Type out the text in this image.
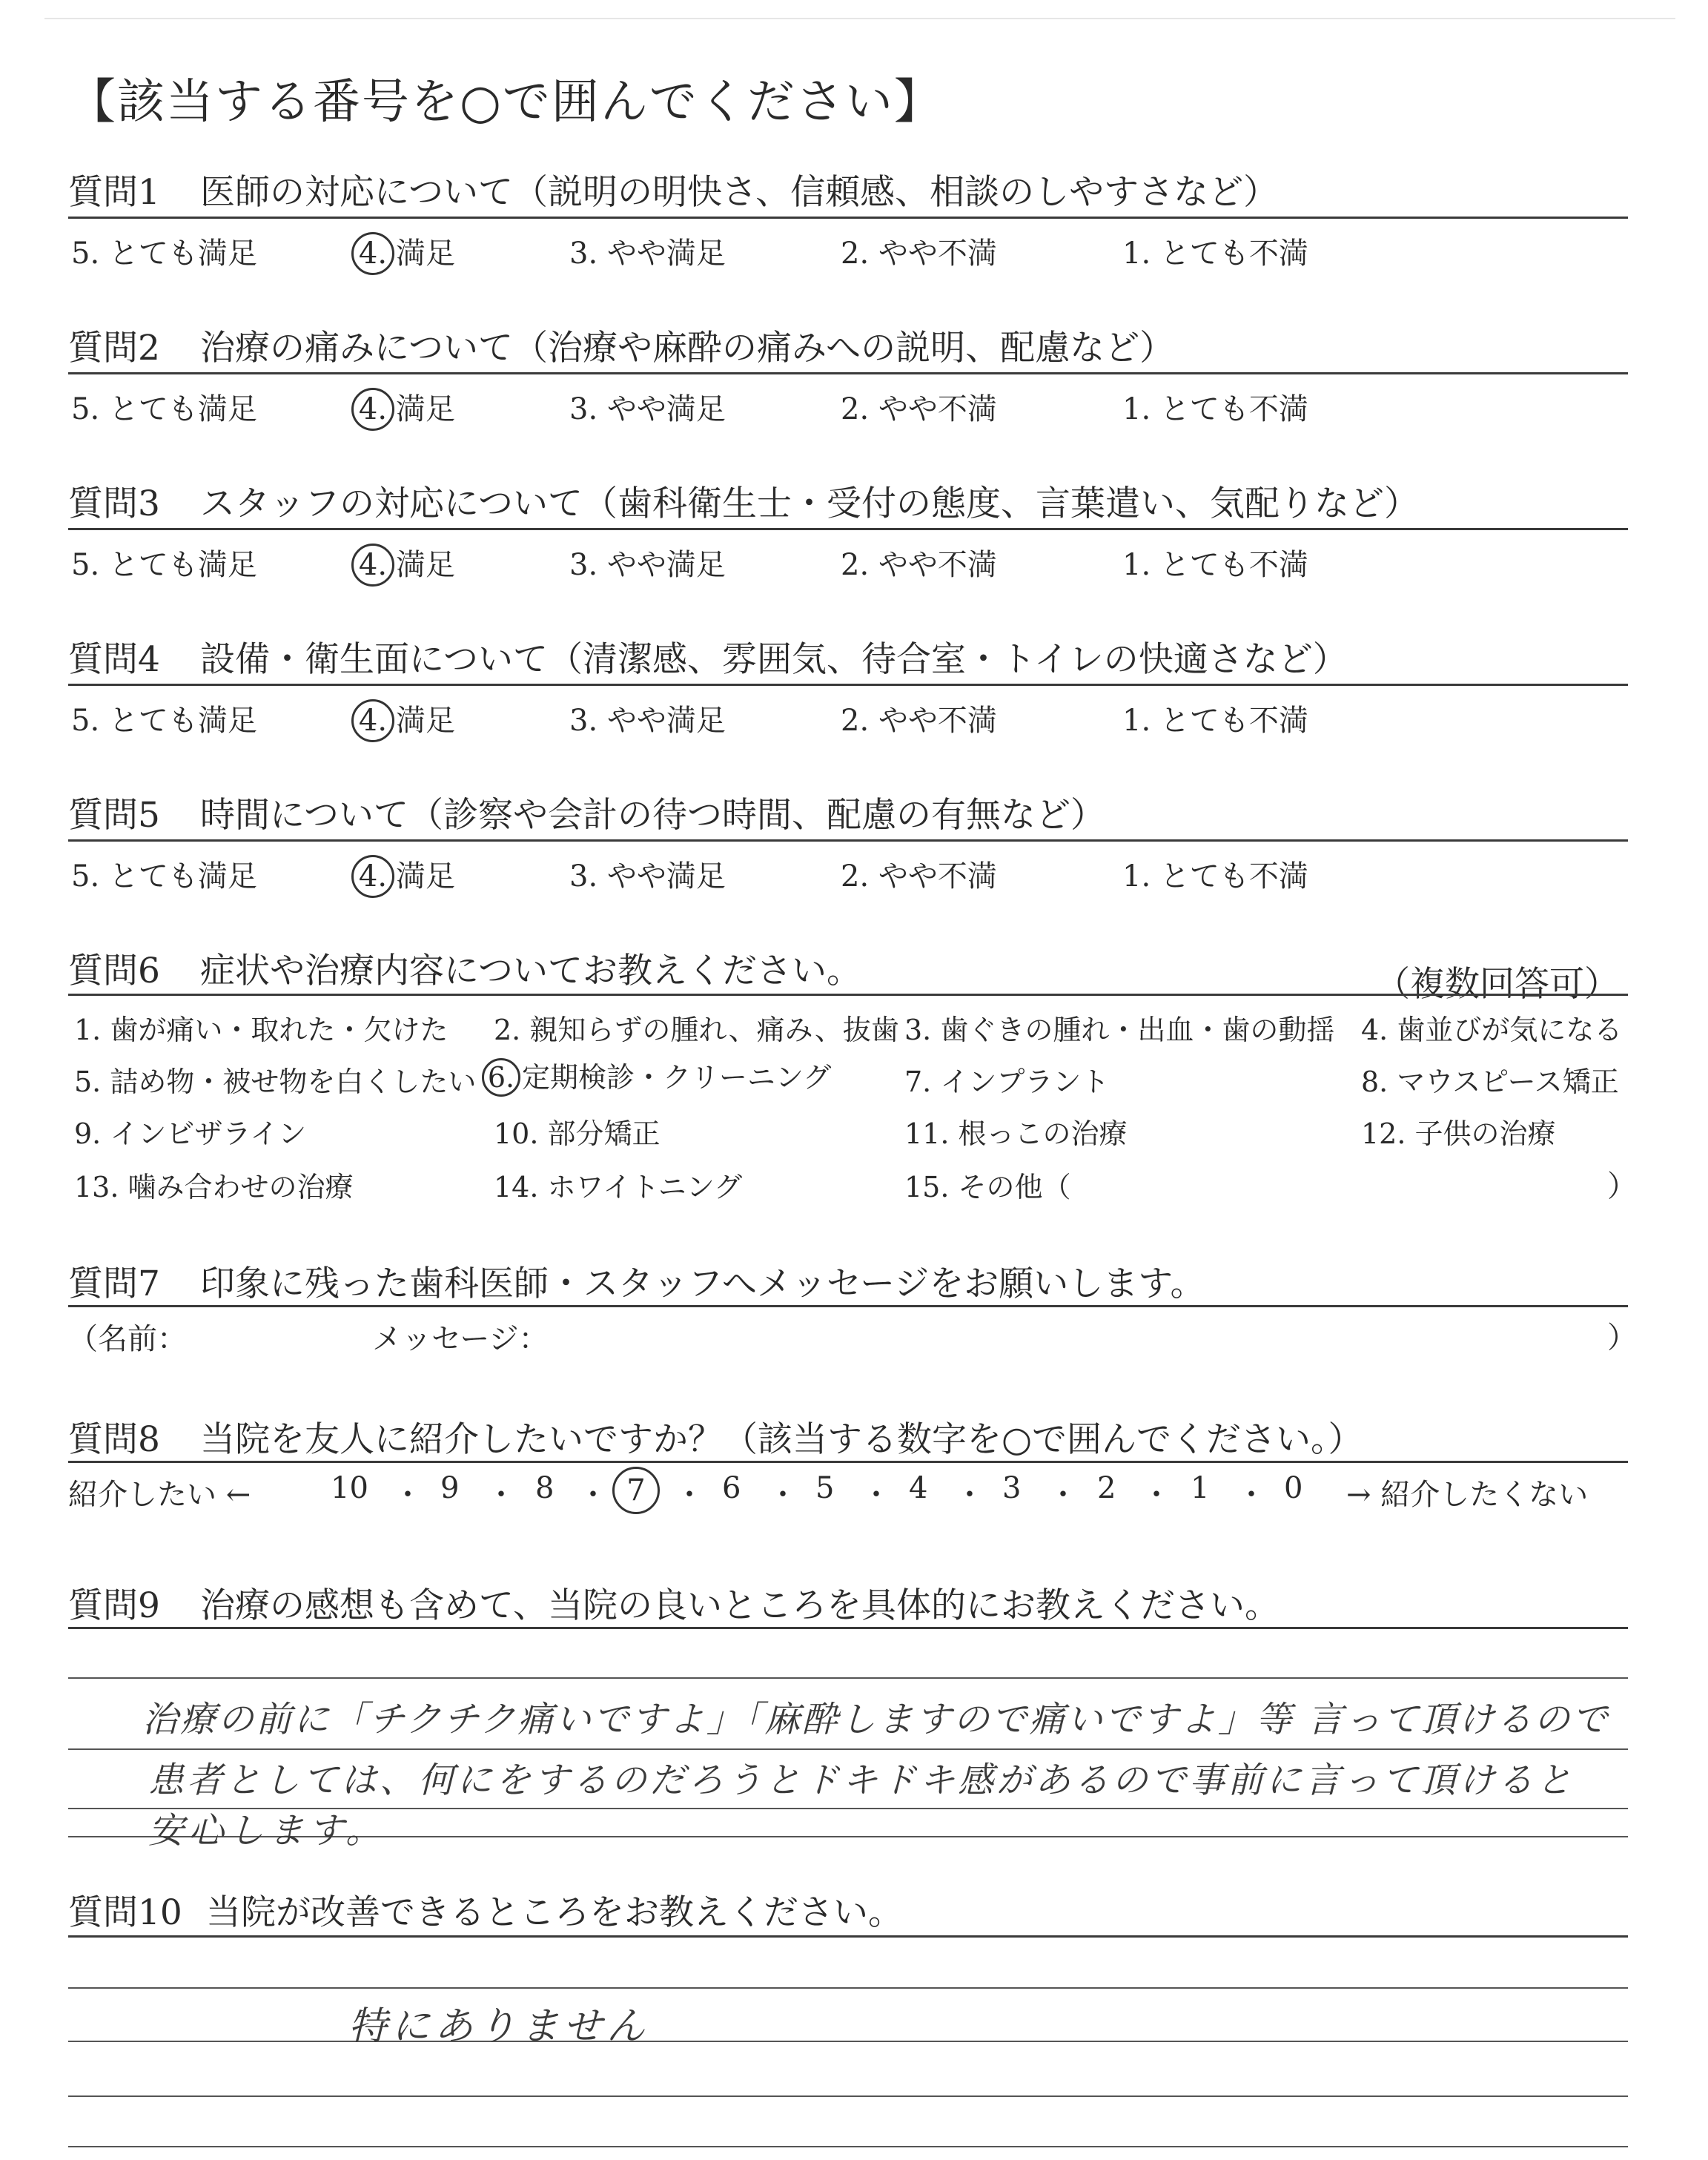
【該当する番号を○で囲んでください】
質問1 医師の対応について（説明の明快さ、信頼感、相談のしやすさなど）
5. とても満足	4. 満足	3. やや満足	2. やや不満	1. とても不満
質問2 治療の痛みについて（治療や麻酔の痛みへの説明、配慮など）
5. とても満足	4. 満足	3. やや満足	2. やや不満	1. とても不満
質問3 スタッフの対応について（歯科衛生士・受付の態度、言葉遣い、気配りなど）
5. とても満足	4. 満足	3. やや満足	2. やや不満	1. とても不満
質問4 設備・衛生面について（清潔感、雰囲気、待合室・トイレの快適さなど）
5. とても満足	4. 満足	3. やや満足	2. やや不満	1. とても不満
質問5 時間について（診察や会計の待つ時間、配慮の有無など）
5. とても満足	4. 満足	3. やや満足	2. やや不満	1. とても不満
質問6 症状や治療内容についてお教えください。	（複数回答可）
1. 歯が痛い・取れた・欠けた 2. 親知らずの腫れ、痛み、抜歯 3. 歯ぐきの腫れ・出血・歯の動揺 4. 歯並びが気になる
5. 詰め物・被せ物を白くしたい 6. 定期検診・クリーニング	7. インプラント	8. マウスピース矯正
9. インビザライン	10. 部分矯正	11. 根っこの治療	12. 子供の治療
13. 噛み合わせの治療	14. ホワイトニング	15. その他（	）
質問7 印象に残った歯科医師・スタッフへメッセージをお願いします。
（名前：	メッセージ：	）
質問8 当院を友人に紹介したいですか？（該当する数字を○で囲んでください。）
紹介したい ←	→ 紹介したくない
10 ・ 9 ・ 8 ・ 7 ・ 6 ・ 5 ・ 4 ・ 3 ・ 2 ・ 1 ・ 0
質問9 治療の感想も含めて、当院の良いところを具体的にお教えください。
治療の前に「チクチク痛いですよ」「麻酔しますので痛いですよ」等 言って頂けるので
患者としては、何にをするのだろうとドキドキ感があるので事前に言って頂けると
安心します。
質問10 当院が改善できるところをお教えください。
特にありません
